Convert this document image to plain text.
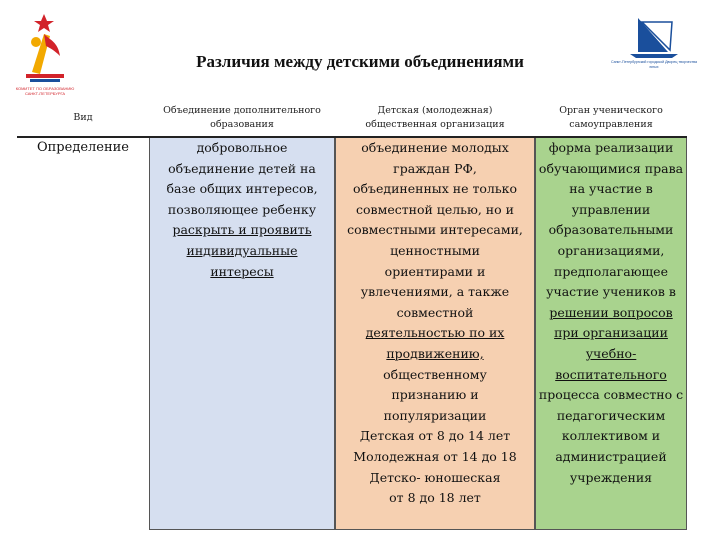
КОМИТЕТ ПО ОБРАЗОВАНИЮ САНКТ-ПЕТЕРБУРГА
Санкт-Петербургский городской Дворец творчества юных
Различия между детскими объединениями
Вид
Объединение дополнительного образования
Детская (молодежная) общественная организация
Орган ученического самоуправления
Определение	добровольное
объединение детей на
базе общих интересов,
позволяющее ребенку
раскрыть и проявить
индивидуальные
интересы
объединение молодых
граждан РФ,
объединенных не только
совместной целью, но и
совместными интересами,
ценностными
ориентирами и
увлечениями, а также
совместной
деятельностью по их
продвижению,
общественному
признанию и
популяризации
Детская от 8 до 14 лет
Молодежная от 14 до 18
Детско- юношеская
от 8 до 18 лет
форма реализации
обучающимися права
на участие в
управлении
образовательными
организациями,
предполагающее
участие учеников в
решении вопросов
при организации
учебно-
воспитательного
процесса совместно с
педагогическим
коллективом и
администрацией
учреждения
